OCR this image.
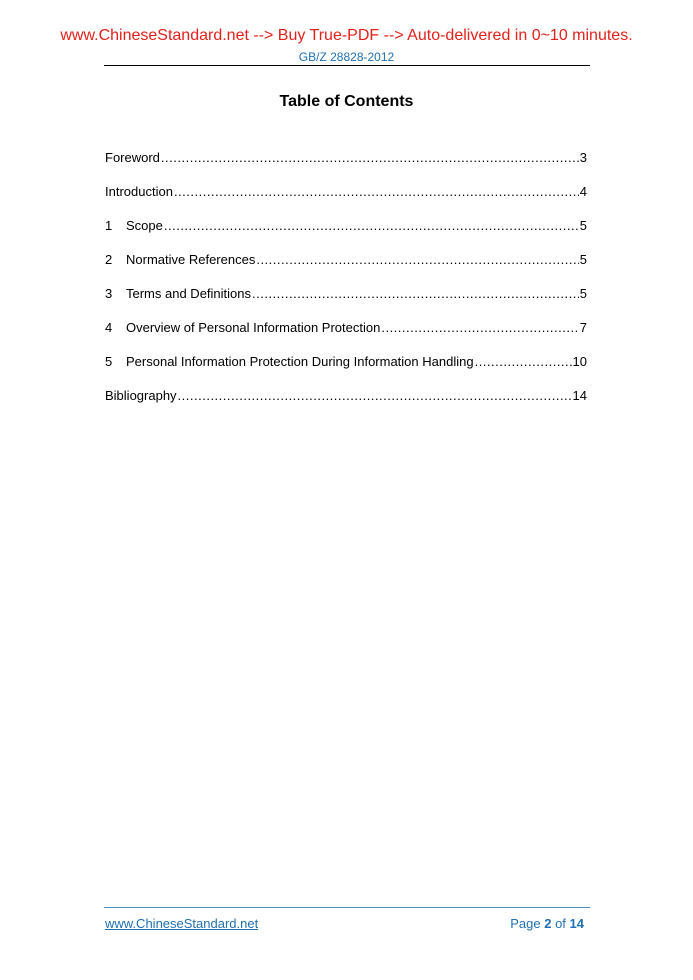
www.ChineseStandard.net --> Buy True-PDF --> Auto-delivered in 0~10 minutes.
GB/Z 28828-2012
Table of Contents
Foreword .....	3
Introduction .....	4
1	Scope .....	5
2	Normative References .....	5
3	Terms and Definitions .....	5
4	Overview of Personal Information Protection .....	7
5	Personal Information Protection During Information Handling .....	10
Bibliography .....	14
www.ChineseStandard.net	Page 2 of 14
